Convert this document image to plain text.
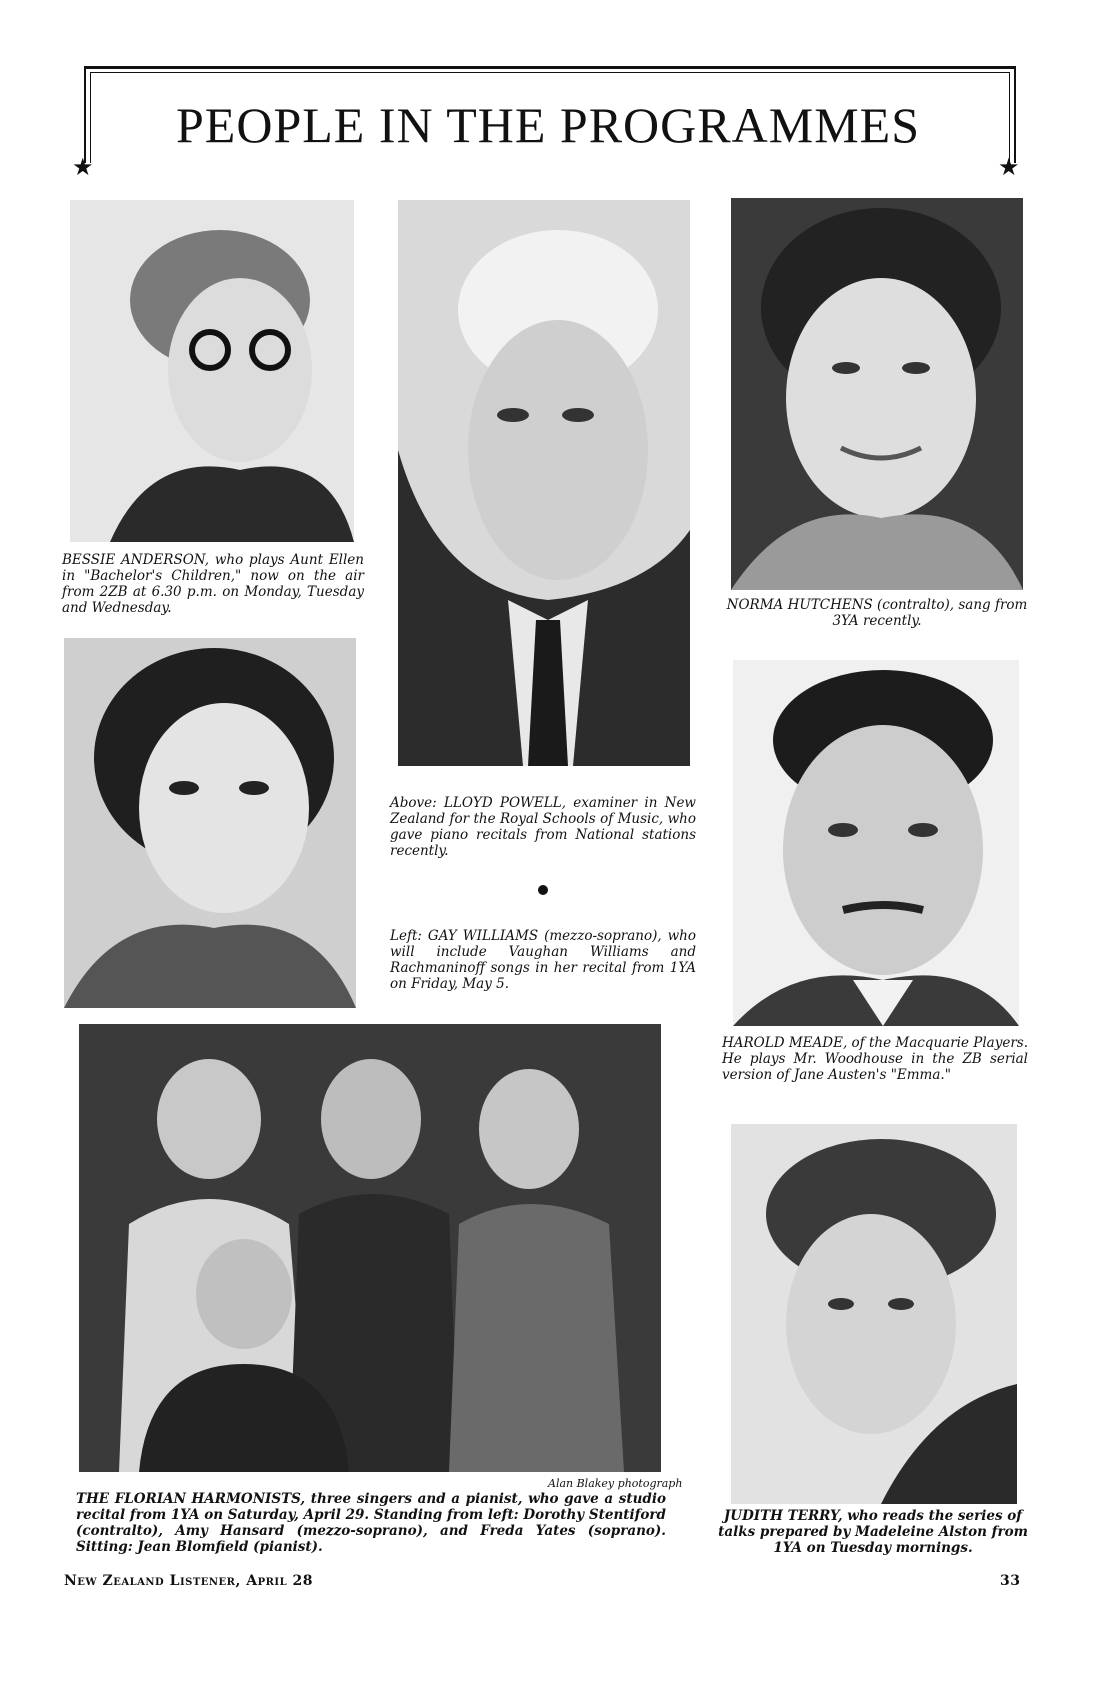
PEOPLE IN THE PROGRAMMES
★	★
BESSIE ANDERSON, who plays Aunt Ellen in "Bachelor's Children," now on the air from 2ZB at 6.30 p.m. on Monday, Tuesday and Wednesday.	NORMA HUTCHENS (contralto), sang from 3YA recently.
Above: LLOYD POWELL, examiner in New Zealand for the Royal Schools of Music, who gave piano recitals from National stations recently.
Left: GAY WILLIAMS (mezzo-soprano), who will include Vaughan Williams and Rachmaninoff songs in her recital from 1YA on Friday, May 5.
HAROLD MEADE, of the Macquarie Players. He plays Mr. Woodhouse in the ZB serial version of Jane Austen's "Emma."
Alan Blakey photograph
THE FLORIAN HARMONISTS, three singers and a pianist, who gave a studio recital from 1YA on Saturday, April 29. Standing from left: Dorothy Stentiford (contralto), Amy Hansard (mezzo-soprano), and Freda Yates (soprano). Sitting: Jean Blomfield (pianist).
JUDITH TERRY, who reads the series of talks prepared by Madeleine Alston from 1YA on Tuesday mornings.
New Zealand Listener, April 28	33
